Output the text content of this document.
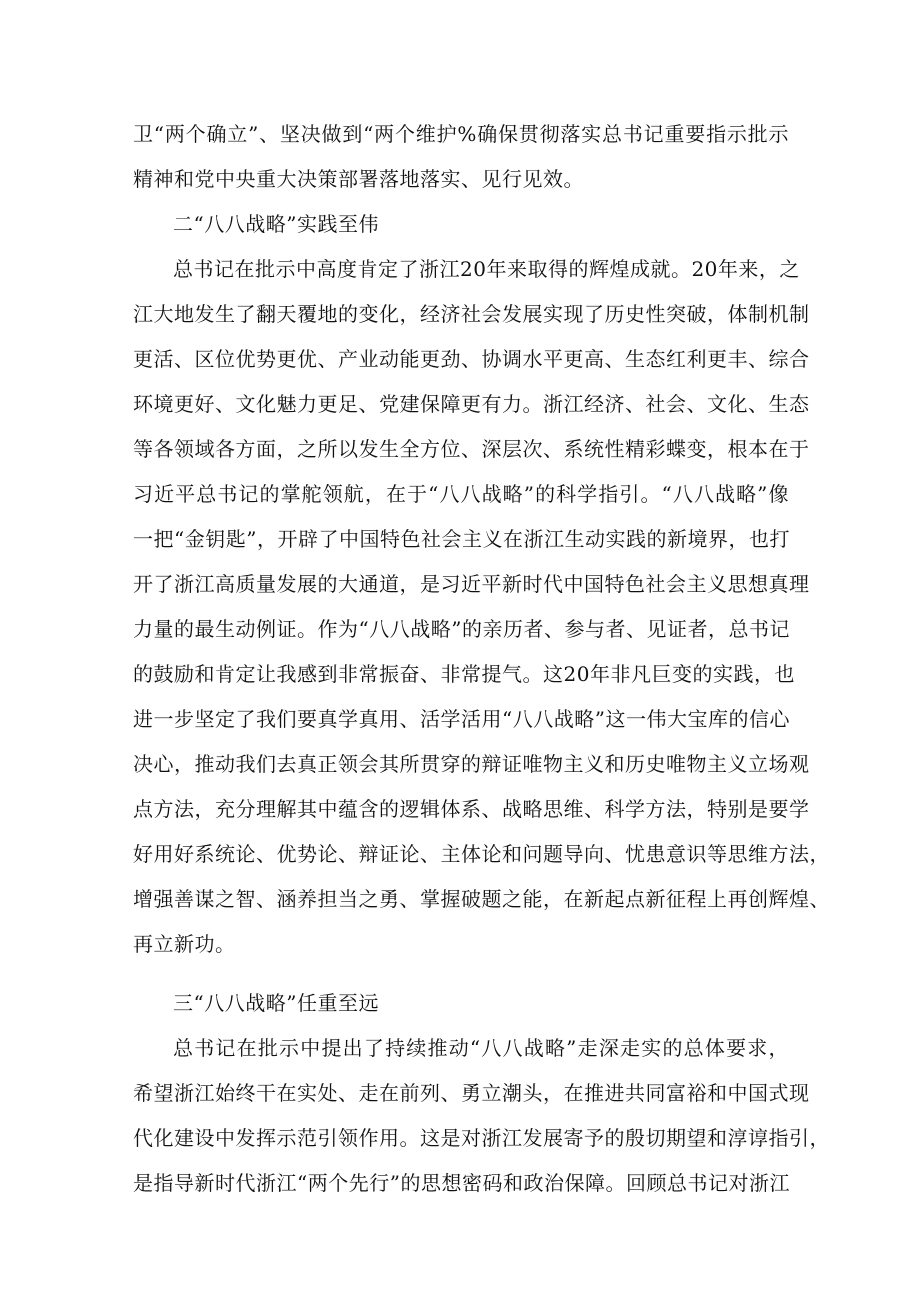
卫“两个确立”、坚决做到“两个维护%确保贯彻落实总书记重要指示批示
精神和党中央重大决策部署落地落实、见行见效。
二“八八战略”实践至伟
总书记在批示中高度肯定了浙江20年来取得的辉煌成就。20年来，之
江大地发生了翻天覆地的变化，经济社会发展实现了历史性突破，体制机制
更活、区位优势更优、产业动能更劲、协调水平更高、生态红利更丰、综合
环境更好、文化魅力更足、党建保障更有力。浙江经济、社会、文化、生态
等各领域各方面，之所以发生全方位、深层次、系统性精彩蝶变，根本在于
习近平总书记的掌舵领航，在于“八八战略”的科学指引。“八八战略”像
一把“金钥匙”，开辟了中国特色社会主义在浙江生动实践的新境界，也打
开了浙江高质量发展的大通道，是习近平新时代中国特色社会主义思想真理
力量的最生动例证。作为“八八战略”的亲历者、参与者、见证者，总书记
的鼓励和肯定让我感到非常振奋、非常提气。这20年非凡巨变的实践，也
进一步坚定了我们要真学真用、活学活用“八八战略”这一伟大宝库的信心
决心，推动我们去真正领会其所贯穿的辩证唯物主义和历史唯物主义立场观
点方法，充分理解其中蕴含的逻辑体系、战略思维、科学方法，特别是要学
好用好系统论、优势论、辩证论、主体论和问题导向、忧患意识等思维方法，
增强善谋之智、涵养担当之勇、掌握破题之能，在新起点新征程上再创辉煌、
再立新功。
三“八八战略”任重至远
总书记在批示中提出了持续推动“八八战略”走深走实的总体要求，
希望浙江始终干在实处、走在前列、勇立潮头，在推进共同富裕和中国式现
代化建设中发挥示范引领作用。这是对浙江发展寄予的殷切期望和淳谆指引，
是指导新时代浙江“两个先行”的思想密码和政治保障。回顾总书记对浙江
